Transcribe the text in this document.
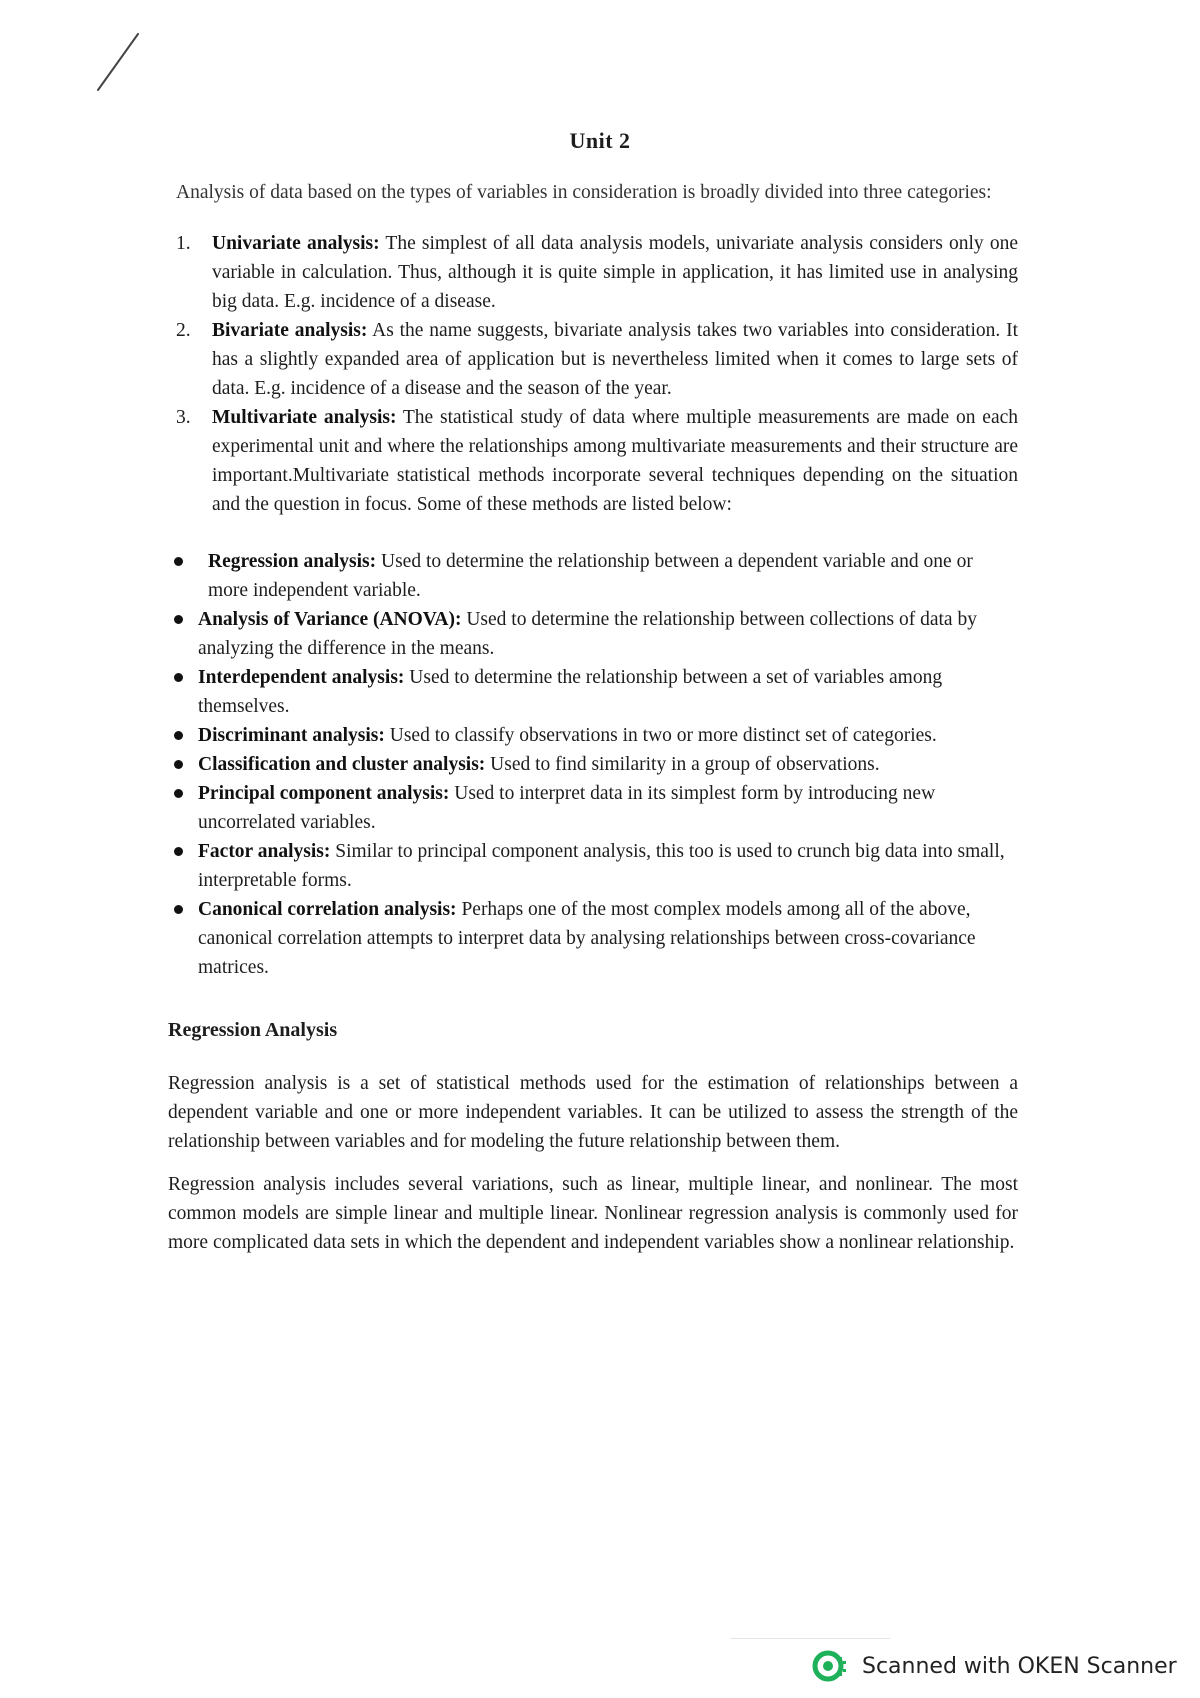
Unit 2

Analysis of data based on the types of variables in consideration is broadly divided into three categories:

1. Univariate analysis: The simplest of all data analysis models, univariate analysis considers only one variable in calculation. Thus, although it is quite simple in application, it has limited use in analysing big data. E.g. incidence of a disease.
2. Bivariate analysis: As the name suggests, bivariate analysis takes two variables into consideration. It has a slightly expanded area of application but is nevertheless limited when it comes to large sets of data. E.g. incidence of a disease and the season of the year.
3. Multivariate analysis: The statistical study of data where multiple measurements are made on each experimental unit and where the relationships among multivariate measurements and their structure are important.Multivariate statistical methods incorporate several techniques depending on the situation and the question in focus. Some of these methods are listed below:
Regression analysis: Used to determine the relationship between a dependent variable and one or more independent variable.
Analysis of Variance (ANOVA): Used to determine the relationship between collections of data by analyzing the difference in the means.
Interdependent analysis: Used to determine the relationship between a set of variables among themselves.
Discriminant analysis: Used to classify observations in two or more distinct set of categories.
Classification and cluster analysis: Used to find similarity in a group of observations.
Principal component analysis: Used to interpret data in its simplest form by introducing new uncorrelated variables.
Factor analysis: Similar to principal component analysis, this too is used to crunch big data into small, interpretable forms.
Canonical correlation analysis: Perhaps one of the most complex models among all of the above, canonical correlation attempts to interpret data by analysing relationships between cross-covariance matrices.
Regression Analysis

Regression analysis is a set of statistical methods used for the estimation of relationships between a dependent variable and one or more independent variables. It can be utilized to assess the strength of the relationship between variables and for modeling the future relationship between them.

Regression analysis includes several variations, such as linear, multiple linear, and nonlinear. The most common models are simple linear and multiple linear. Nonlinear regression analysis is commonly used for more complicated data sets in which the dependent and independent variables show a nonlinear relationship.

Scanned with OKEN Scanner
